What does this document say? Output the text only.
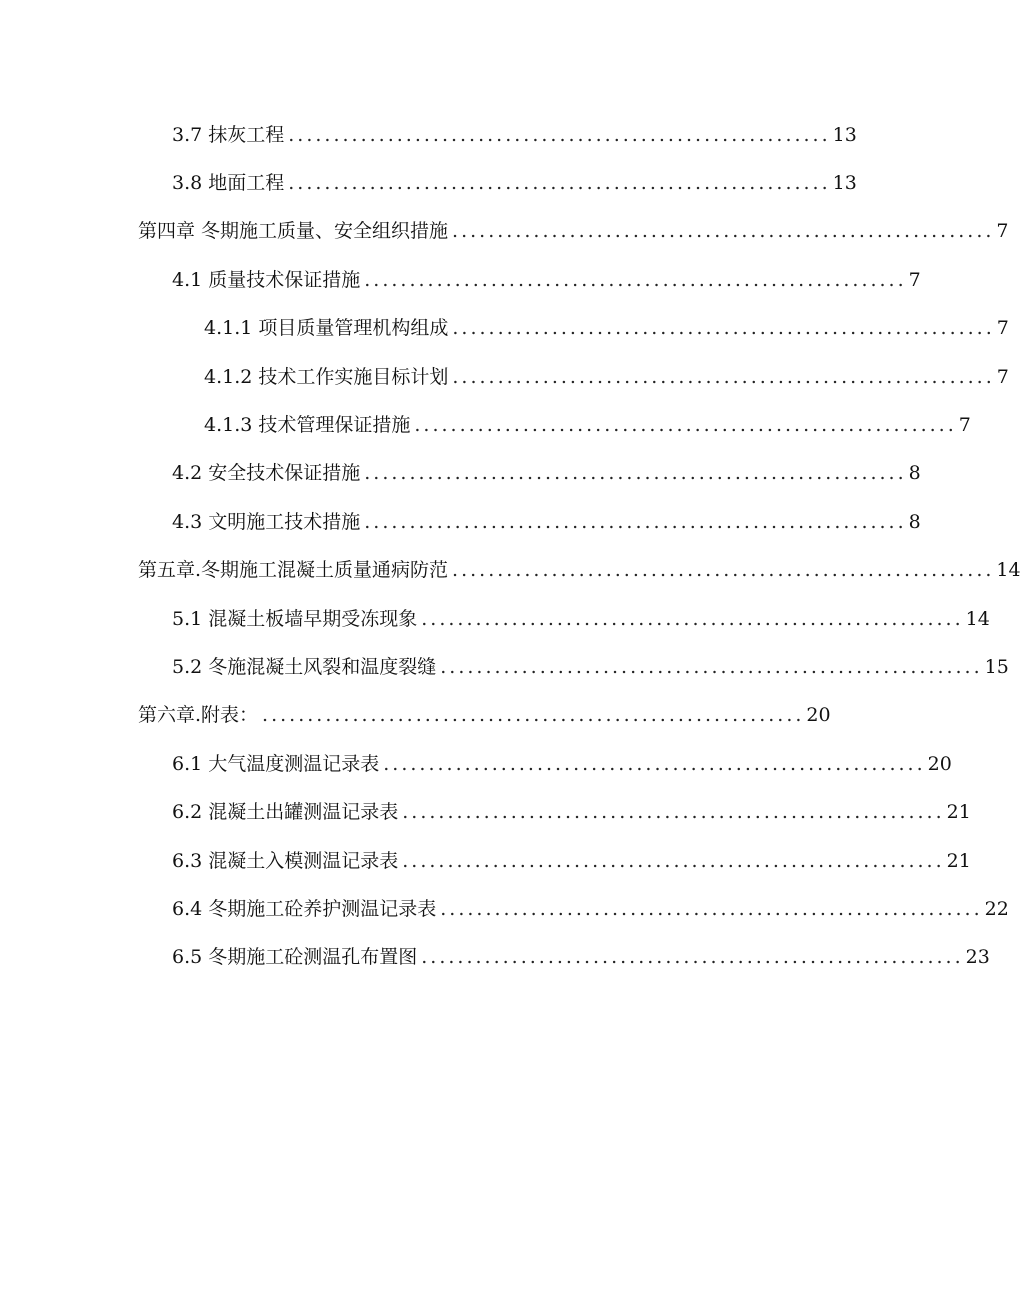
3.7 抹灰工程 ............................................................ 13
3.8 地面工程 ............................................................ 13
第四章 冬期施工质量、安全组织措施 ............................................................ 7
4.1 质量技术保证措施 ............................................................ 7
4.1.1 项目质量管理机构组成 ............................................................ 7
4.1.2 技术工作实施目标计划 ............................................................ 7
4.1.3 技术管理保证措施 ............................................................ 7
4.2 安全技术保证措施 ............................................................ 8
4.3 文明施工技术措施 ............................................................ 8
第五章.冬期施工混凝土质量通病防范 ............................................................ 14
5.1 混凝土板墙早期受冻现象 ............................................................ 14
5.2 冬施混凝土风裂和温度裂缝 ............................................................ 15
第六章.附表： ............................................................ 20
6.1 大气温度测温记录表 ............................................................ 20
6.2 混凝土出罐测温记录表 ............................................................ 21
6.3 混凝土入模测温记录表 ............................................................ 21
6.4 冬期施工砼养护测温记录表 ............................................................ 22
6.5 冬期施工砼测温孔布置图 ............................................................ 23
